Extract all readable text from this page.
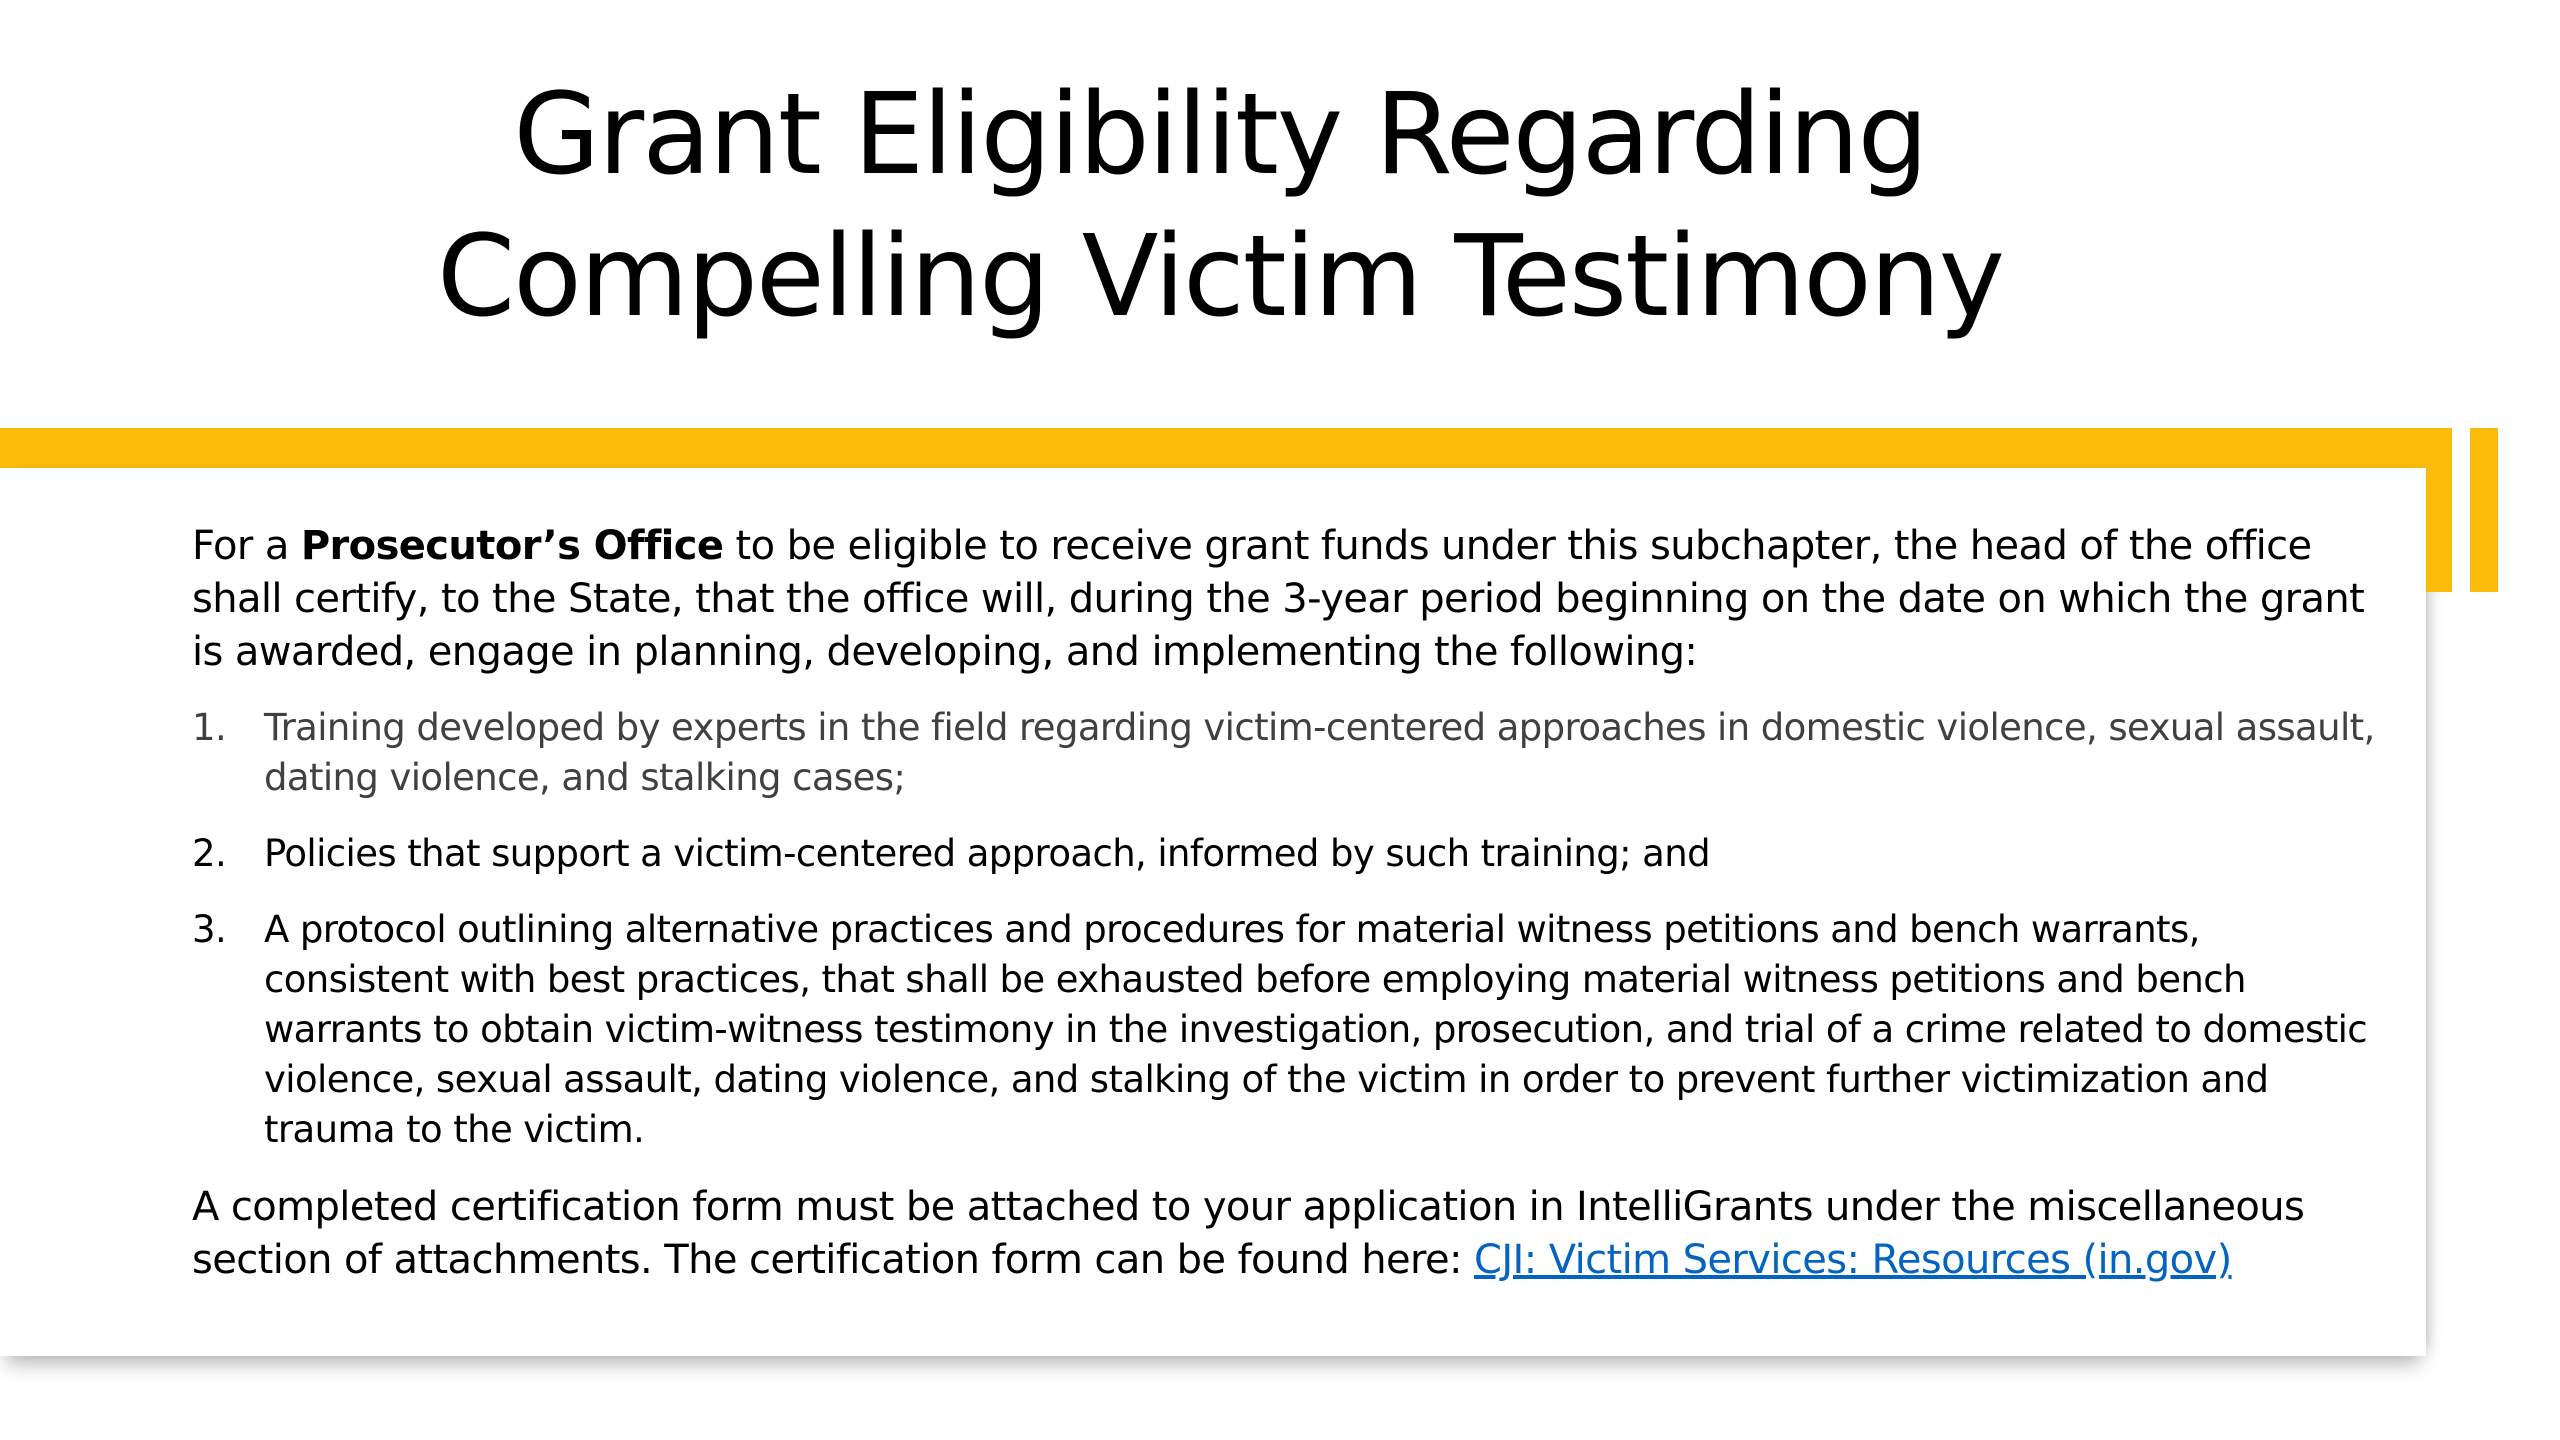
Grant Eligibility Regarding
Compelling Victim Testimony

For a Prosecutor’s Office to be eligible to receive grant funds under this subchapter, the head of the office shall certify, to the State, that the office will, during the 3-year period beginning on the date on which the grant is awarded, engage in planning, developing, and implementing the following:

1. Training developed by experts in the field regarding victim-centered approaches in domestic violence, sexual assault, dating violence, and stalking cases;
2. Policies that support a victim-centered approach, informed by such training; and
3. A protocol outlining alternative practices and procedures for material witness petitions and bench warrants, consistent with best practices, that shall be exhausted before employing material witness petitions and bench warrants to obtain victim-witness testimony in the investigation, prosecution, and trial of a crime related to domestic violence, sexual assault, dating violence, and stalking of the victim in order to prevent further victimization and trauma to the victim.

A completed certification form must be attached to your application in IntelliGrants under the miscellaneous section of attachments. The certification form can be found here: CJI: Victim Services: Resources (in.gov)
